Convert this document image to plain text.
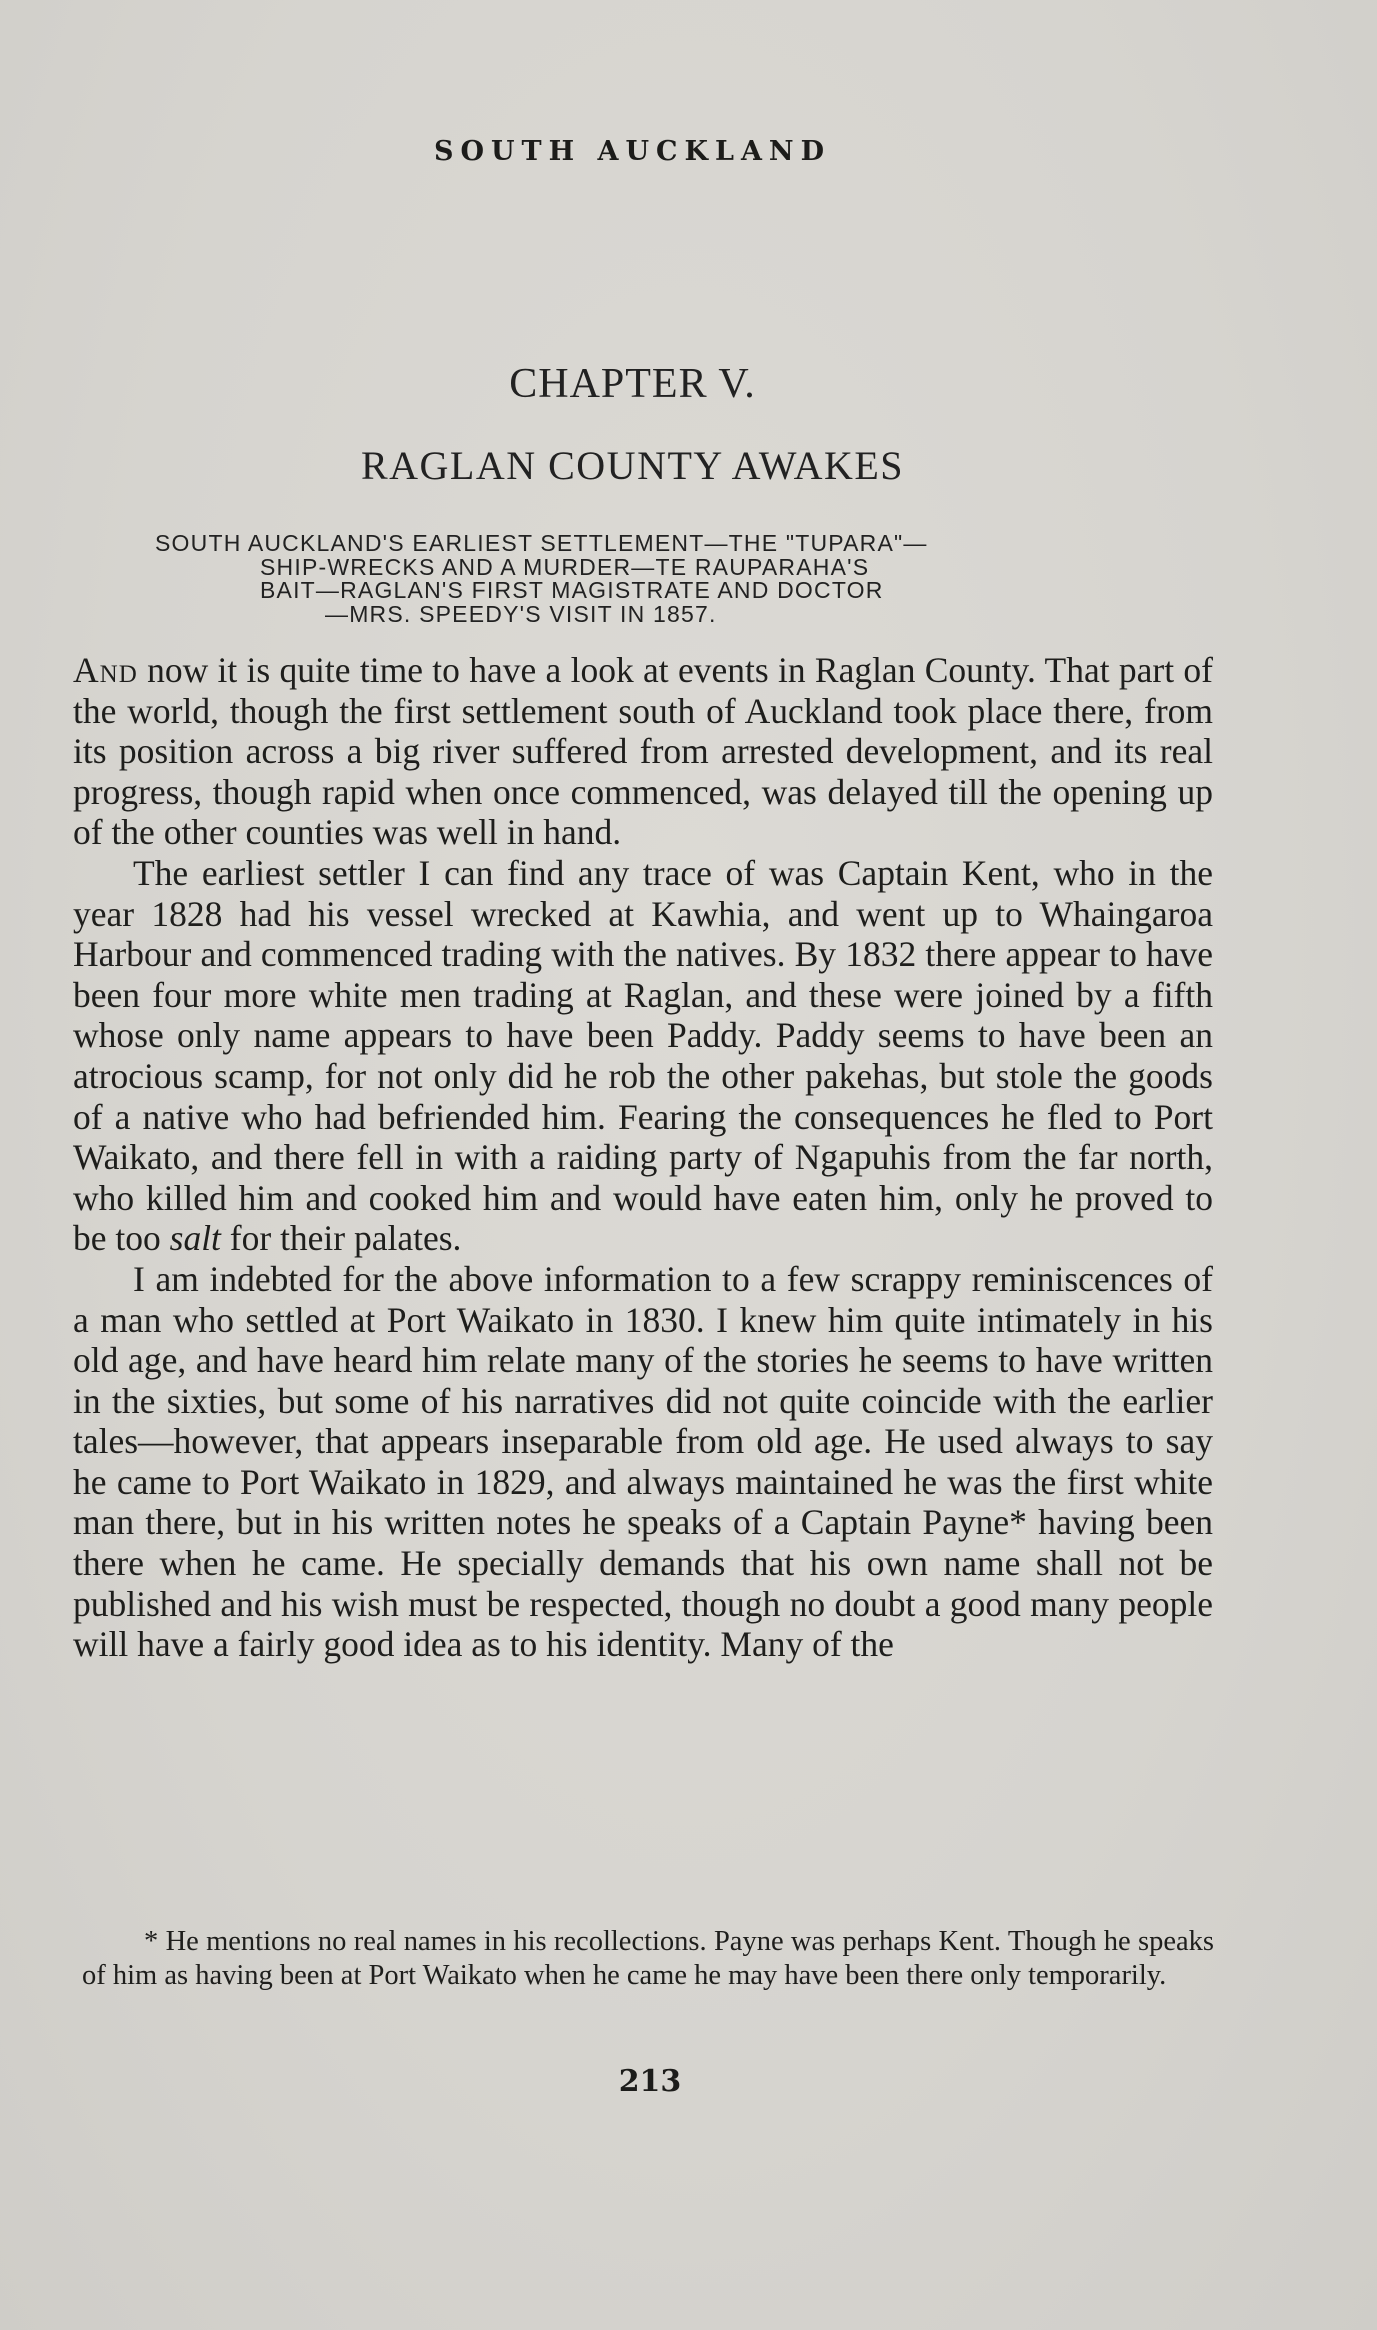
SOUTH AUCKLAND
CHAPTER V.
RAGLAN COUNTY AWAKES
SOUTH AUCKLAND'S EARLIEST SETTLEMENT—THE "TUPARA"—
SHIP-WRECKS AND A MURDER—TE RAUPARAHA'S
BAIT—RAGLAN'S FIRST MAGISTRATE AND DOCTOR
—MRS. SPEEDY'S VISIT IN 1857.

And now it is quite time to have a look at events in Raglan County. That part of the world, though the first settlement south of Auckland took place there, from its position across a big river suffered from arrested development, and its real progress, though rapid when once commenced, was delayed till the opening up of the other counties was well in hand.

The earliest settler I can find any trace of was Captain Kent, who in the year 1828 had his vessel wrecked at Kawhia, and went up to Whaingaroa Harbour and commenced trading with the natives. By 1832 there appear to have been four more white men trading at Raglan, and these were joined by a fifth whose only name appears to have been Paddy. Paddy seems to have been an atrocious scamp, for not only did he rob the other pakehas, but stole the goods of a native who had befriended him. Fearing the consequences he fled to Port Waikato, and there fell in with a raiding party of Ngapuhis from the far north, who killed him and cooked him and would have eaten him, only he proved to be too salt for their palates.

I am indebted for the above information to a few scrappy reminiscences of a man who settled at Port Waikato in 1830. I knew him quite intimately in his old age, and have heard him relate many of the stories he seems to have written in the sixties, but some of his narratives did not quite coincide with the earlier tales—however, that appears inseparable from old age. He used always to say he came to Port Waikato in 1829, and always maintained he was the first white man there, but in his written notes he speaks of a Captain Payne* having been there when he came. He specially demands that his own name shall not be published and his wish must be respected, though no doubt a good many people will have a fairly good idea as to his identity. Many of the

* He mentions no real names in his recollections. Payne was perhaps Kent. Though he speaks of him as having been at Port Waikato when he came he may have been there only temporarily.

213
